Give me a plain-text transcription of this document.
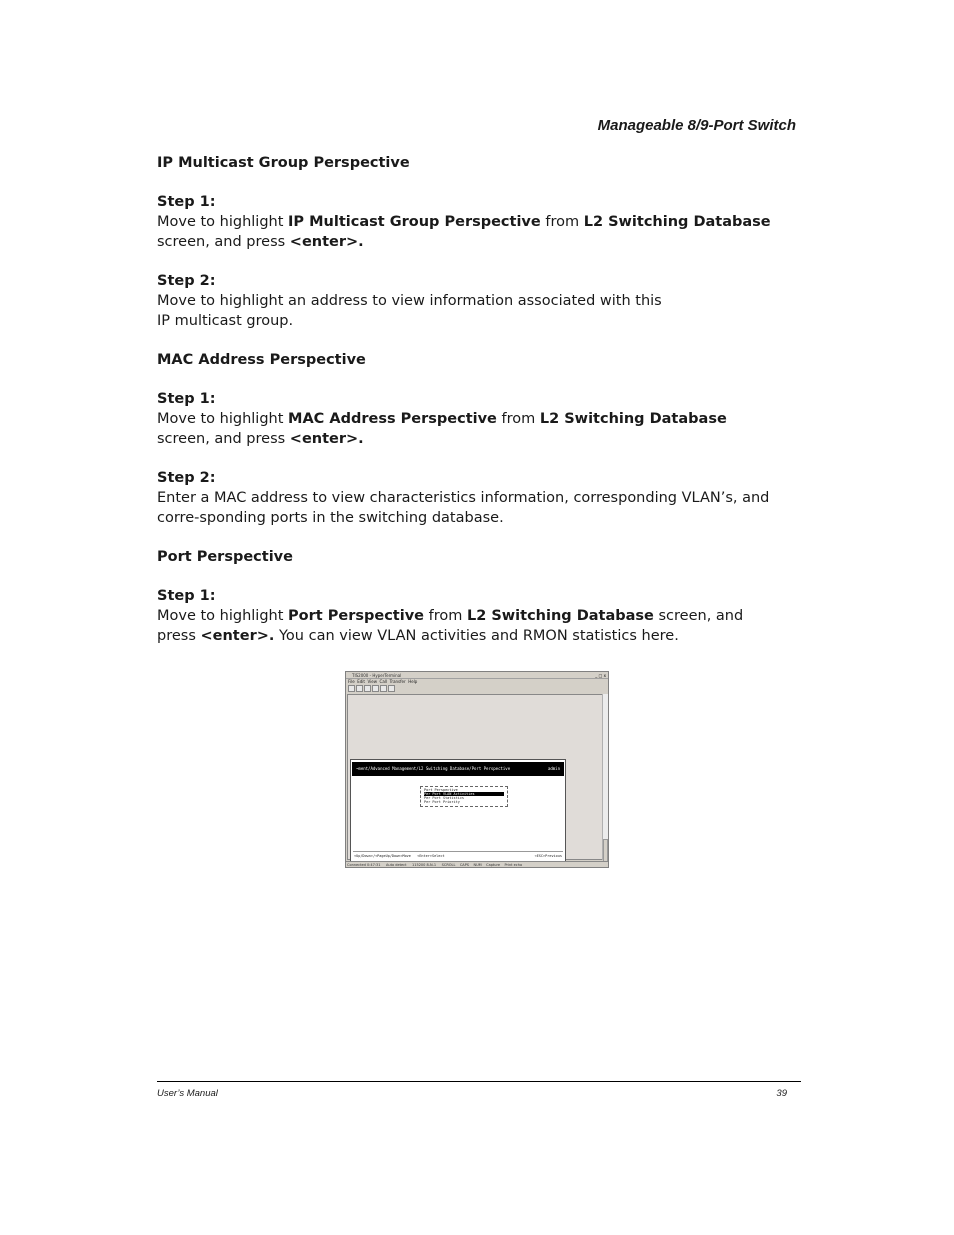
Manageable 8/9-Port Switch

IP Multicast Group Perspective

Step 1:

Move to highlight IP Multicast Group Perspective from L2 Switching Database screen, and press <enter>.

Step 2:

Move to highlight an address to view information associated with this IP multicast group.

MAC Address Perspective

Step 1:

Move to highlight MAC Address Perspective from L2 Switching Database screen, and press <enter>.

Step 2:

Enter a MAC address to view characteristics information, corresponding VLAN’s, and corre-sponding ports in the switching database.

Port Perspective

Step 1:

Move to highlight Port Perspective from L2 Switching Database screen, and press <enter>. You can view VLAN activities and RMON statistics here.

TIS2000 - HyperTerminal	_ □ x
File  Edit  View  Call  Transfer  Help
~ment/Advanced Management/L2 Switching Database/Port Perspective	admin
Port Perspective
Per Port VLAN Activities
Per Port Statistics
Per Port Priority
<Up/Down>/<PageUp/Down>Move   <Enter>Select	<ESC>Previous
Connected 0:47:31     Auto detect     115200 8-N-1     SCROLL    CAPS    NUM    Capture    Print echo
User’s Manual	39
